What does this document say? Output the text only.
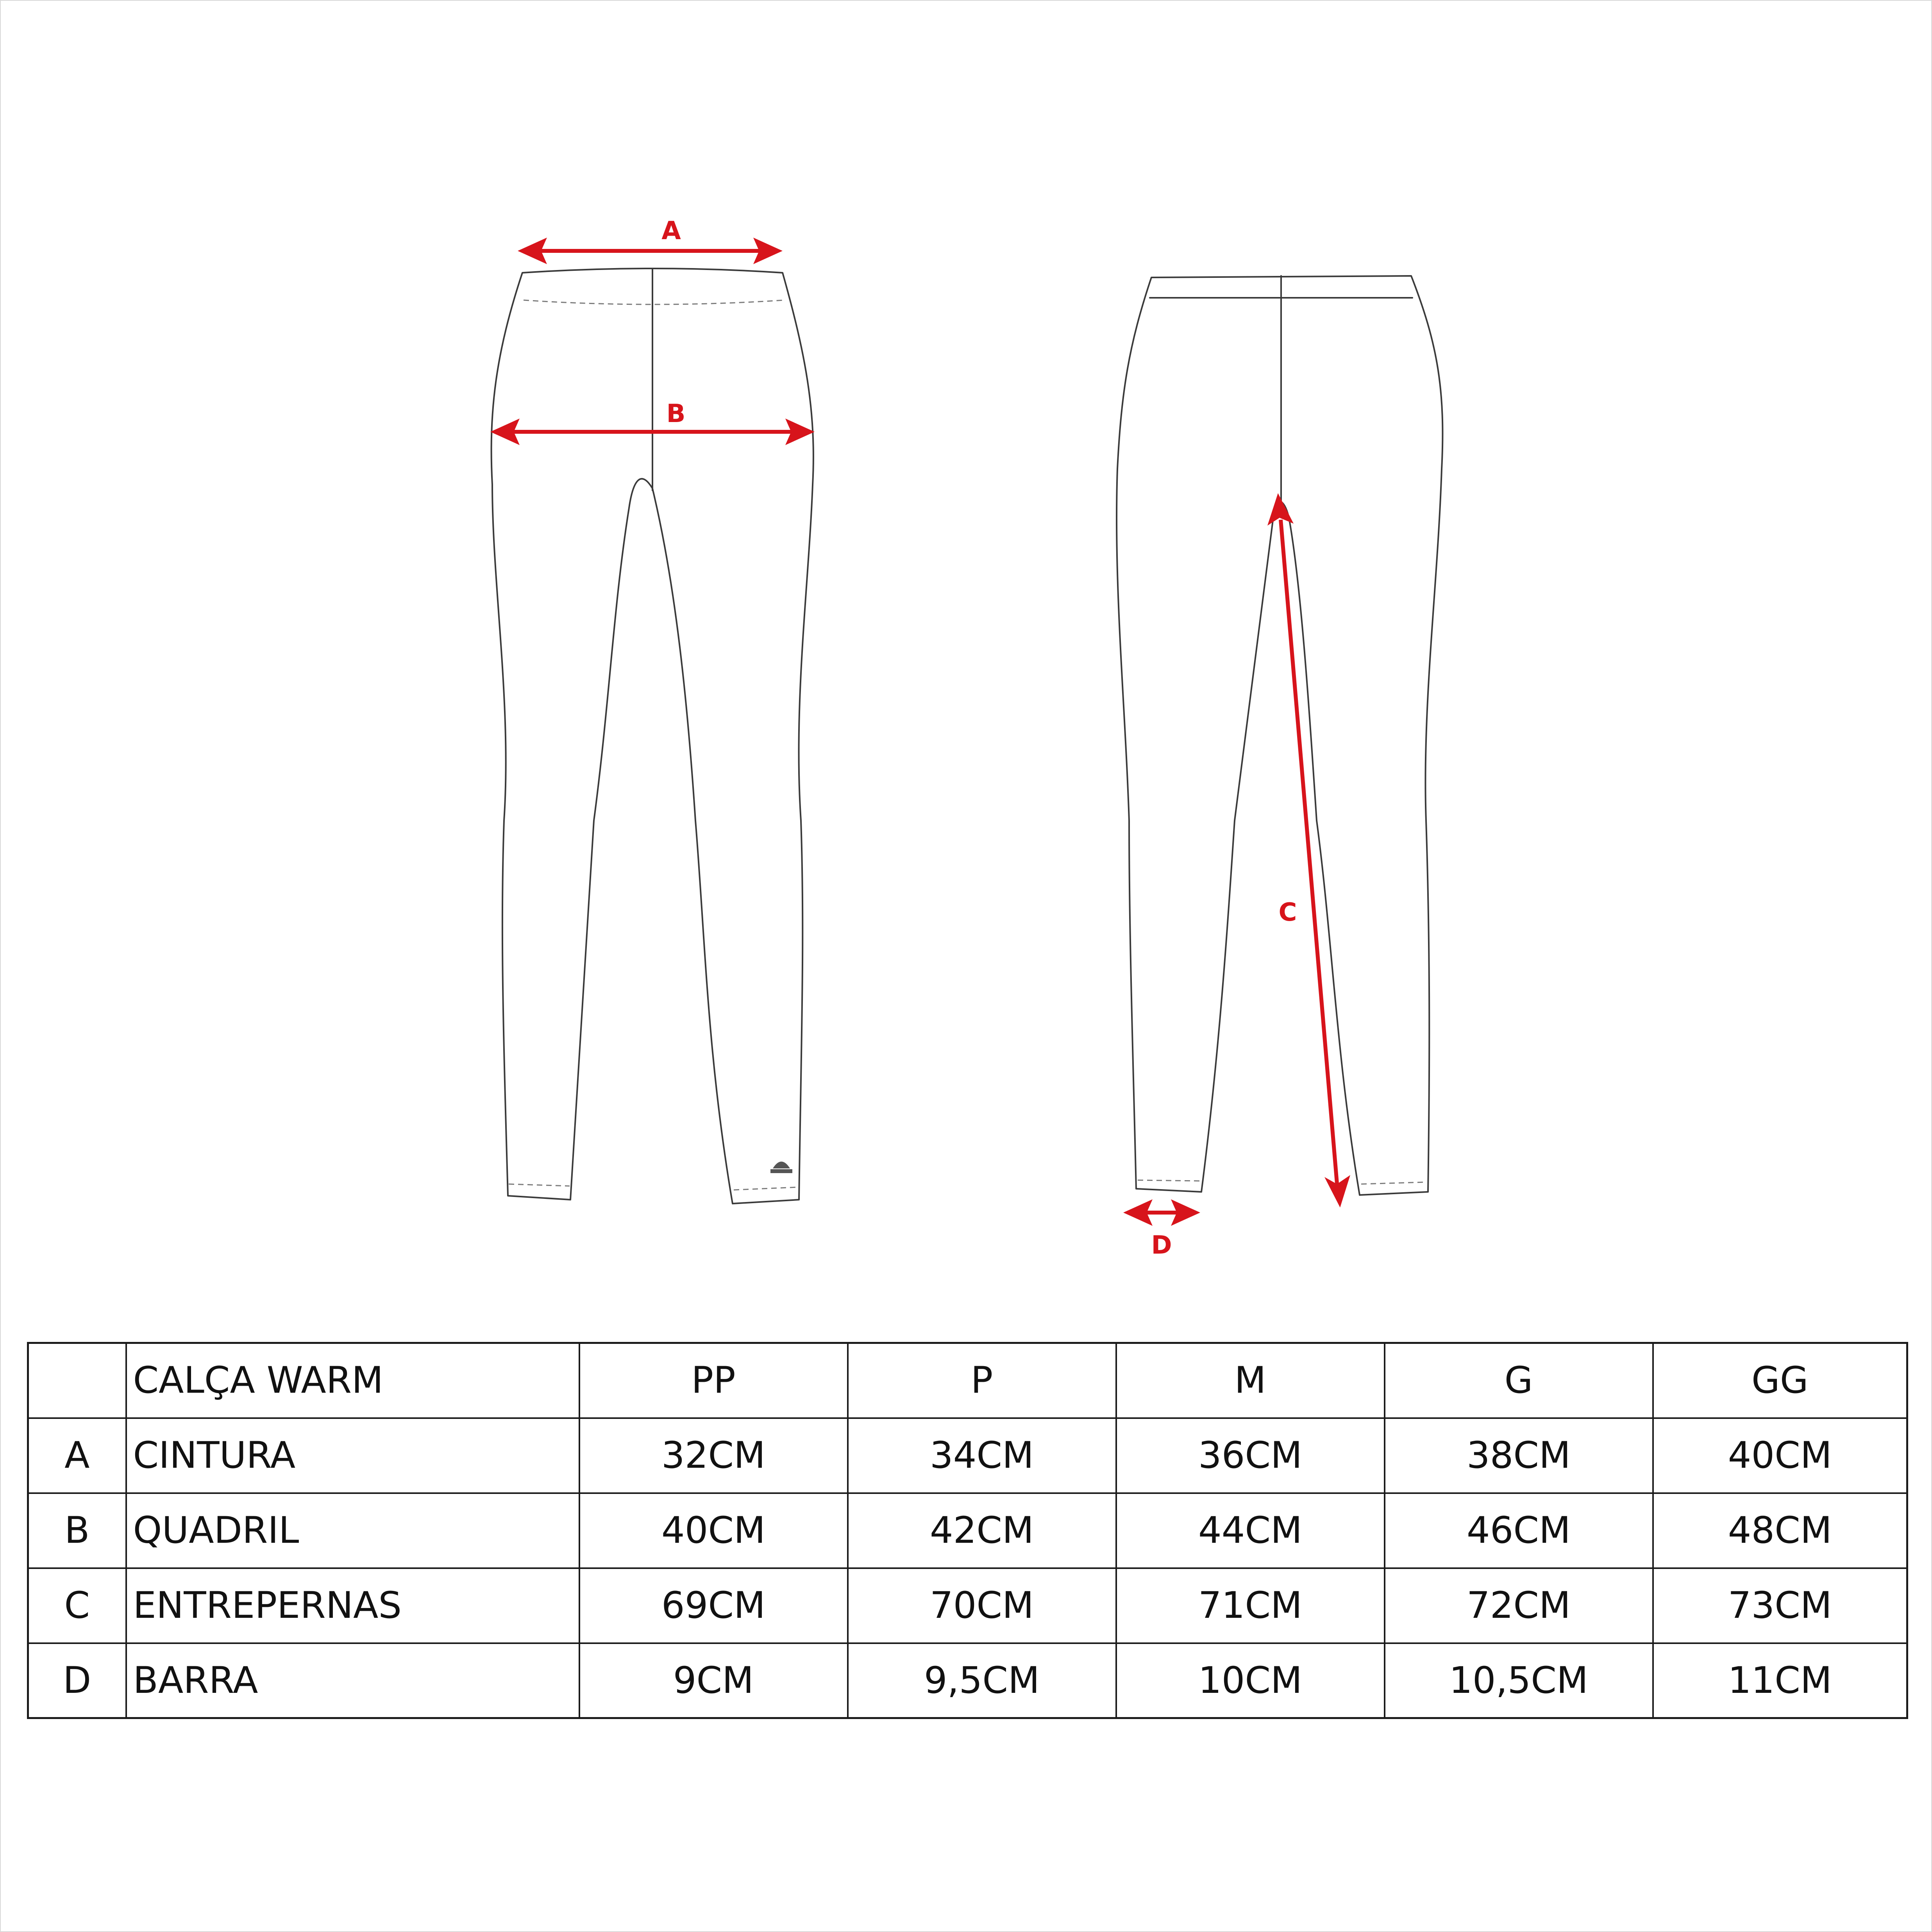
A
B
C
D
	CALÇA WARM	PP	P	M	G	GG
A	CINTURA	32CM	34CM	36CM	38CM	40CM
B	QUADRIL	40CM	42CM	44CM	46CM	48CM
C	ENTREPERNAS	69CM	70CM	71CM	72CM	73CM
D	BARRA	9CM	9,5CM	10CM	10,5CM	11CM
